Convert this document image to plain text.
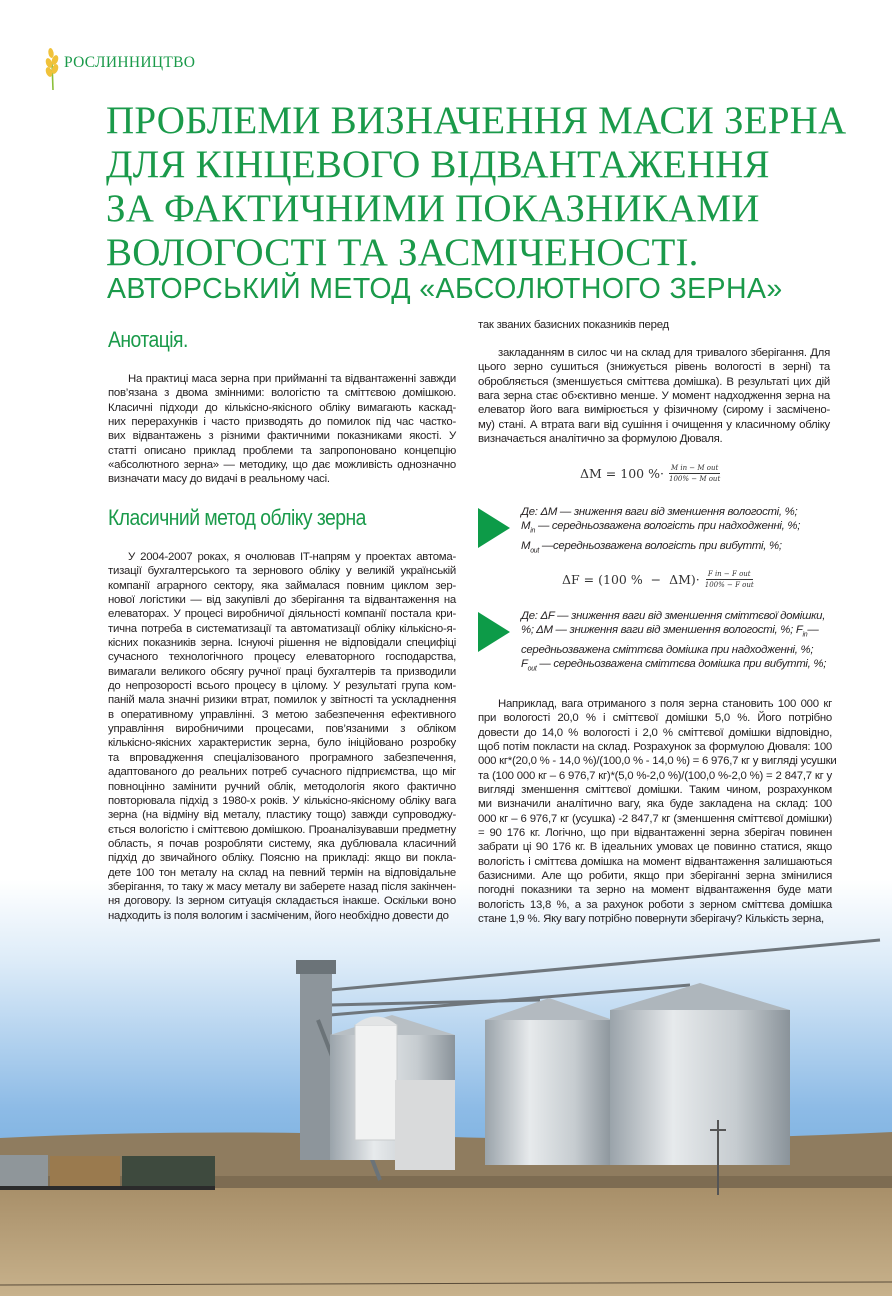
РОСЛИННИЦТВО
ПРОБЛЕМИ ВИЗНАЧЕННЯ МАСИ ЗЕРНА
ДЛЯ КІНЦЕВОГО ВІДВАНТАЖЕННЯ
ЗА ФАКТИЧНИМИ ПОКАЗНИКАМИ
ВОЛОГОСТІ ТА ЗАСМІЧЕНОСТІ.
АВТОРСЬКИЙ МЕТОД «АБСОЛЮТНОГО ЗЕРНА»
Анотація.
На практиці маса зерна при прийманні та відвантаженні завжди
пов’язана з двома змінними: вологістю та сміттєвою домішкою.
Класичні підходи до кількісно-якісного обліку вимагають каскад-
них перерахунків і часто призводять до помилок під час частко-
вих відвантажень з різними фактичними показниками якості. У
статті описано приклад проблеми та запропоновано концепцію
«абсолютного зерна» — методику, що дає можливість однозначно
визначати масу до видачі в реальному часі.
Класичний метод обліку зерна
У 2004-2007 роках, я очолював IT-напрям у проектах автома-
тизації бухгалтерського та зернового обліку у великій українській
компанії аграрного сектору, яка займалася повним циклом зер-
нової логістики — від закупівлі до зберігання та відвантаження на
елеваторах. У процесі виробничої діяльності компанії постала кри-
тична потреба в систематизації та автоматизації обліку кількісно-я-
кісних показників зерна. Існуючі рішення не відповідали специфіці
сучасного технологічного процесу елеваторного господарства,
вимагали великого обсягу ручної праці бухгалтерів та призводили
до непрозорості всього процесу в цілому. У результаті група ком-
паній мала значні ризики втрат, помилок у звітності та ускладнення
в оперативному управлінні. З метою забезпечення ефективного
управління виробничими процесами, пов’язаними з обліком
кількісно-якісних характеристик зерна, було ініційовано розробку
та впровадження спеціалізованого програмного забезпечення,
адаптованого до реальних потреб сучасного підприємства, що міг
повноцінно замінити ручний облік, методологія якого фактично
повторювала підхід з 1980-х років. У кількісно-якісному обліку вага
зерна (на відміну від металу, пластику тощо) завжди супроводжу-
ється вологістю і сміттєвою домішкою. Проаналізувавши предметну
область, я почав розробляти систему, яка дублювала класичний
підхід до звичайного обліку. Поясню на прикладі: якщо ви покла-
дете 100 тон металу на склад на певний термін на відповідальне
зберігання, то таку ж масу металу ви заберете назад після закінчен-
ня договору. Із зерном ситуація складається інакше. Оскільки воно
надходить із поля вологим і засміченим, його необхідно довести до
так званих базисних показників перед
закладанням в силос чи на склад для тривалого зберігання. Для
цього зерно сушиться (знижується рівень вологості в зерні) та
обробляється (зменшується сміттєва домішка). В результаті цих дій
вага зерна стає об›єктивно менше. У момент надходження зерна на
елеватор його вага вимірюється у фізичному (сирому і засмічено-
му) стані. А втрата ваги від сушіння і очищення у класичному обліку
визначається аналітично за формулою Дюваля.
ΔM = 100 %· $\frac{\text{M in − M out}}{\text{100\% − M out}}$
Де: ΔM — зниження ваги від зменшення вологості, %;
$M_{in}$ — середньозважена вологість при надходженні, %;
$M_{out}$ —середньозважена вологість при вибутті, %;
ΔF = (100 %  −  $\Delta M)\cdot \frac{\text{F in − F out}}{\text{100\% − F out}}$
Де: ΔF — зниження ваги від зменшення сміттєвої домішки,
%; ΔM — зниження ваги від зменшення вологості, %; $F_{in}—$
середньозважена сміттєва домішка при надходженні, %;
$F_{out}$ — середньозважена сміттєва домішка при вибутті, %;
Наприклад, вага отриманого з поля зерна становить 100 000 кг
при вологості 20,0 % і сміттєвої домішки 5,0 %. Його потрібно
довести до 14,0 % вологості і 2,0 % сміттєвої домішки відповідно,
щоб потім покласти на склад. Розрахунок за формулою Дюваля: 100
000 кг*(20,0 % - 14,0 %)/(100,0 % - 14,0 %) = 6 976,7 кг у вигляді усушки
та (100 000 кг – 6 976,7 кг)*(5,0 %-2,0 %)/(100,0 %-2,0 %) = 2 847,7 кг у
вигляді зменшення сміттєвої домішки. Таким чином, розрахунком
ми визначили аналітично вагу, яка буде закладена на склад: 100
000 кг – 6 976,7 кг (усушка) -2 847,7 кг (зменшення сміттєвої домішки)
= 90 176 кг. Логічно, що при відвантаженні зерна зберігач повинен
забрати ці 90 176 кг. В ідеальних умовах це повинно статися, якщо
вологість і сміттєва домішка на момент відвантаження залишаються
базисними. Але що робити, якщо при зберіганні зерна змінилися
погодні показники та зерно на момент відвантаження буде мати
вологість 13,8 %, а за рахунок роботи з зерном сміттєва домішка
стане 1,9 %. Яку вагу потрібно повернути зберігачу? Кількість зерна,
